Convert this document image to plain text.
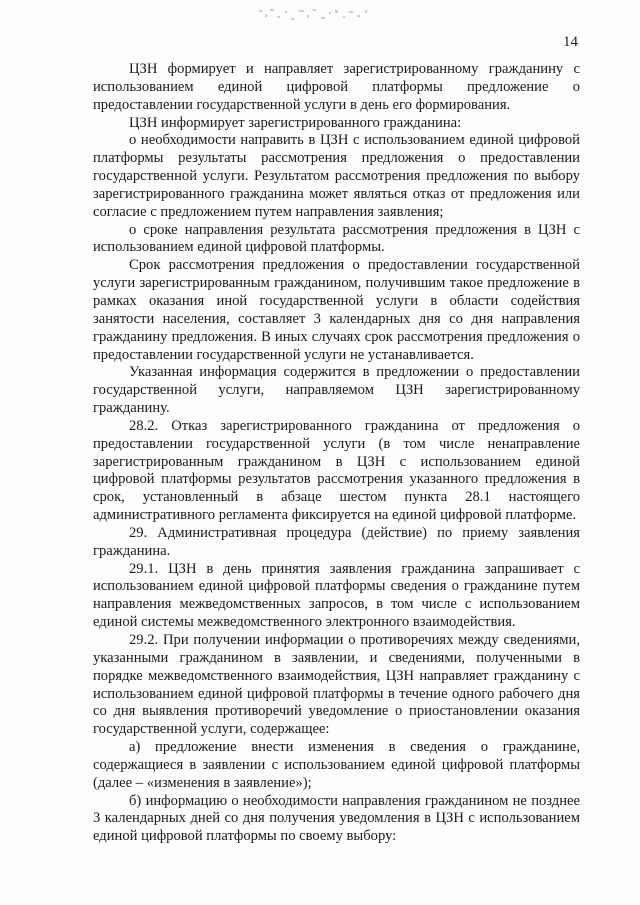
14

ЦЗН формирует и направляет зарегистрированному гражданину с использованием единой цифровой платформы предложение о предоставлении государственной услуги в день его формирования.

ЦЗН информирует зарегистрированного гражданина:

о необходимости направить в ЦЗН с использованием единой цифровой платформы результаты рассмотрения предложения о предоставлении государственной услуги. Результатом рассмотрения предложения по выбору зарегистрированного гражданина может являться отказ от предложения или согласие с предложением путем направления заявления;

о сроке направления результата рассмотрения предложения в ЦЗН с использованием единой цифровой платформы.

Срок рассмотрения предложения о предоставлении государственной услуги зарегистрированным гражданином, получившим такое предложение в рамках оказания иной государственной услуги в области содействия занятости населения, составляет 3 календарных дня со дня направления гражданину предложения. В иных случаях срок рассмотрения предложения о предоставлении государственной услуги не устанавливается.

Указанная информация содержится в предложении о предоставлении государственной услуги, направляемом ЦЗН зарегистрированному гражданину.

28.2. Отказ зарегистрированного гражданина от предложения о предоставлении государственной услуги (в том числе ненаправление зарегистрированным гражданином в ЦЗН с использованием единой цифровой платформы результатов рассмотрения указанного предложения в срок, установленный в абзаце шестом пункта 28.1 настоящего административного регламента фиксируется на единой цифровой платформе.

29. Административная процедура (действие) по приему заявления гражданина.

29.1. ЦЗН в день принятия заявления гражданина запрашивает с использованием единой цифровой платформы сведения о гражданине путем направления межведомственных запросов, в том числе с использованием единой системы межведомственного электронного взаимодействия.

29.2. При получении информации о противоречиях между сведениями, указанными гражданином в заявлении, и сведениями, полученными в порядке межведомственного взаимодействия, ЦЗН направляет гражданину с использованием единой цифровой платформы в течение одного рабочего дня со дня выявления противоречий уведомление о приостановлении оказания государственной услуги, содержащее:

а) предложение внести изменения в сведения о гражданине, содержащиеся в заявлении с использованием единой цифровой платформы (далее – «изменения в заявление»);

б) информацию о необходимости направления гражданином не позднее 3 календарных дней со дня получения уведомления в ЦЗН с использованием единой цифровой платформы по своему выбору:
